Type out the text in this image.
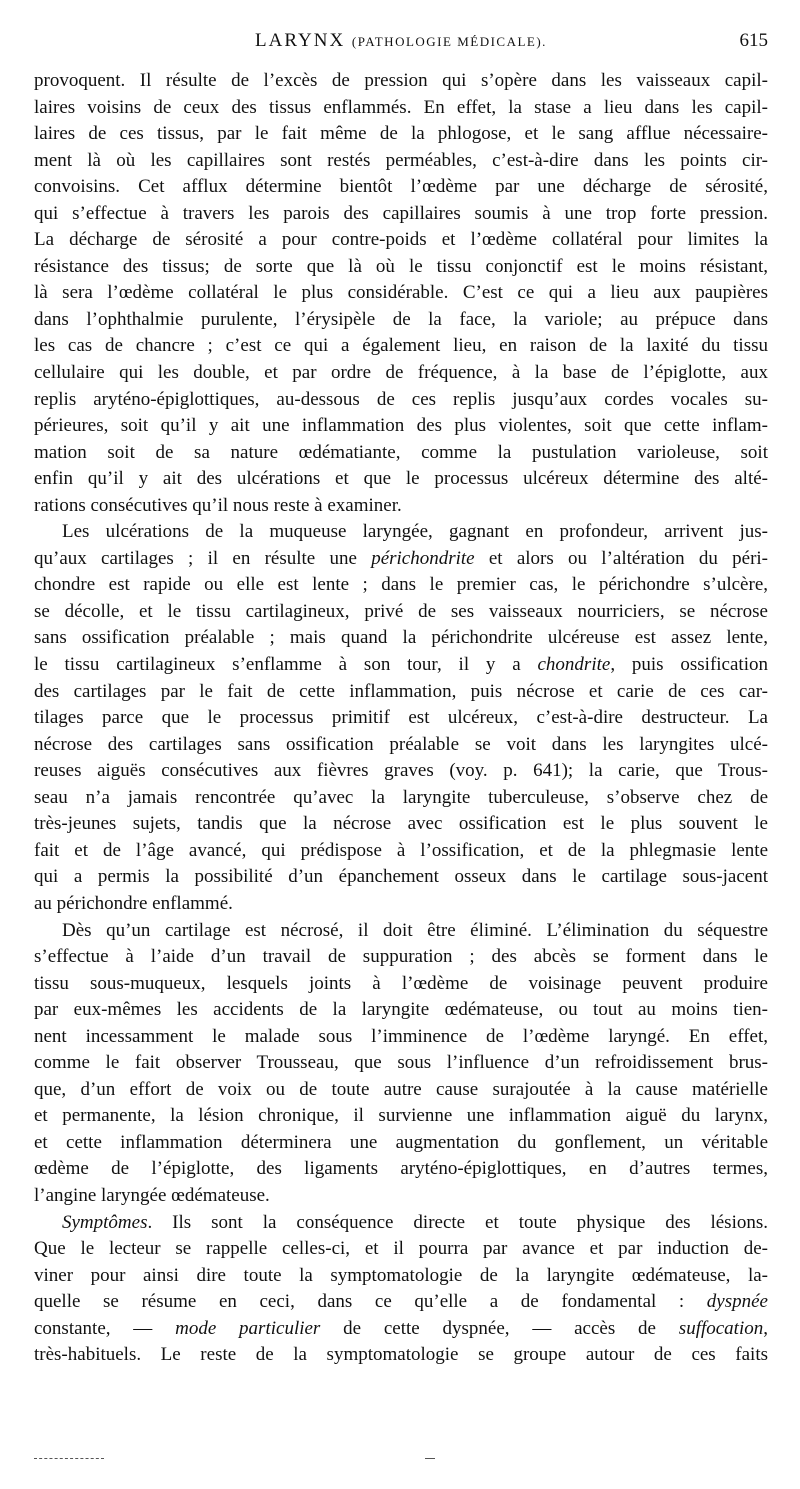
LARYNX (PATHOLOGIE MÉDICALE).	615
provoquent. Il résulte de l’excès de pression qui s’opère dans les vaisseaux capil-
laires voisins de ceux des tissus enflammés. En effet, la stase a lieu dans les capil-
laires de ces tissus, par le fait même de la phlogose, et le sang afflue nécessaire-
ment là où les capillaires sont restés perméables, c’est-à-dire dans les points cir-
convoisins. Cet afflux détermine bientôt l’œdème par une décharge de sérosité,
qui s’effectue à travers les parois des capillaires soumis à une trop forte pression.
La décharge de sérosité a pour contre-poids et l’œdème collatéral pour limites la
résistance des tissus; de sorte que là où le tissu conjonctif est le moins résistant,
là sera l’œdème collatéral le plus considérable. C’est ce qui a lieu aux paupières
dans l’ophthalmie purulente, l’érysipèle de la face, la variole; au prépuce dans
les cas de chancre ; c’est ce qui a également lieu, en raison de la laxité du tissu
cellulaire qui les double, et par ordre de fréquence, à la base de l’épiglotte, aux
replis aryténo-épiglottiques, au-dessous de ces replis jusqu’aux cordes vocales su-
périeures, soit qu’il y ait une inflammation des plus violentes, soit que cette inflam-
mation soit de sa nature œdématiante, comme la pustulation varioleuse, soit
enfin qu’il y ait des ulcérations et que le processus ulcéreux détermine des alté-
rations consécutives qu’il nous reste à examiner.
Les ulcérations de la muqueuse laryngée, gagnant en profondeur, arrivent jus-
qu’aux cartilages ; il en résulte une périchondrite et alors ou l’altération du péri-
chondre est rapide ou elle est lente ; dans le premier cas, le périchondre s’ulcère,
se décolle, et le tissu cartilagineux, privé de ses vaisseaux nourriciers, se nécrose
sans ossification préalable ; mais quand la périchondrite ulcéreuse est assez lente,
le tissu cartilagineux s’enflamme à son tour, il y a chondrite, puis ossification
des cartilages par le fait de cette inflammation, puis nécrose et carie de ces car-
tilages parce que le processus primitif est ulcéreux, c’est-à-dire destructeur. La
nécrose des cartilages sans ossification préalable se voit dans les laryngites ulcé-
reuses aiguës consécutives aux fièvres graves (voy. p. 641); la carie, que Trous-
seau n’a jamais rencontrée qu’avec la laryngite tuberculeuse, s’observe chez de
très-jeunes sujets, tandis que la nécrose avec ossification est le plus souvent le
fait et de l’âge avancé, qui prédispose à l’ossification, et de la phlegmasie lente
qui a permis la possibilité d’un épanchement osseux dans le cartilage sous-jacent
au périchondre enflammé.
Dès qu’un cartilage est nécrosé, il doit être éliminé. L’élimination du séquestre
s’effectue à l’aide d’un travail de suppuration ; des abcès se forment dans le
tissu sous-muqueux, lesquels joints à l’œdème de voisinage peuvent produire
par eux-mêmes les accidents de la laryngite œdémateuse, ou tout au moins tien-
nent incessamment le malade sous l’imminence de l’œdème laryngé. En effet,
comme le fait observer Trousseau, que sous l’influence d’un refroidissement brus-
que, d’un effort de voix ou de toute autre cause surajoutée à la cause matérielle
et permanente, la lésion chronique, il survienne une inflammation aiguë du larynx,
et cette inflammation déterminera une augmentation du gonflement, un véritable
œdème de l’épiglotte, des ligaments aryténo-épiglottiques, en d’autres termes,
l’angine laryngée œdémateuse.
Symptômes. Ils sont la conséquence directe et toute physique des lésions.
Que le lecteur se rappelle celles-ci, et il pourra par avance et par induction de-
viner pour ainsi dire toute la symptomatologie de la laryngite œdémateuse, la-
quelle se résume en ceci, dans ce qu’elle a de fondamental : dyspnée
constante, — mode particulier de cette dyspnée, — accès de suffocation,
très-habituels. Le reste de la symptomatologie se groupe autour de ces faits
